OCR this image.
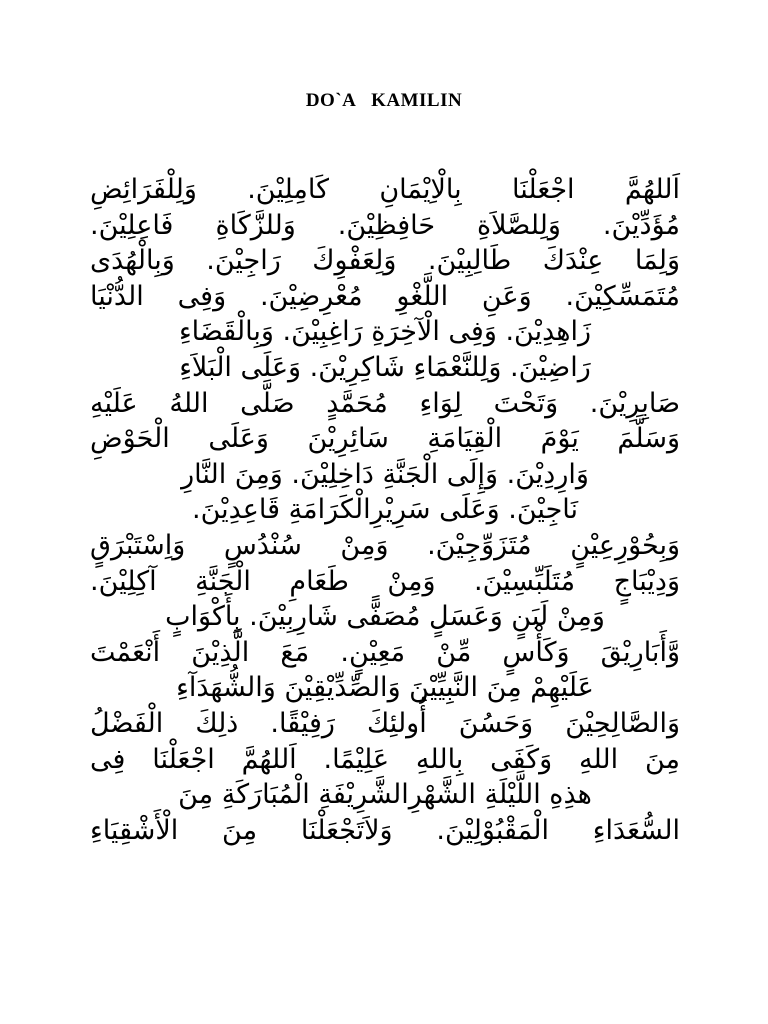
DO`A   KAMILIN
اَللهُمَّ اجْعَلْنَا بِالْاِيْمَانِ كَامِلِيْنَ. وَلِلْفَرَائِضِ
مُؤَدِّيْنَ. وَلِلصَّلاَةِ حَافِظِيْنَ. وَللزَّكَاةِ فَاعِلِيْنَ.
وَلِمَا عِنْدَكَ طَالِبِيْنَ. وَلِعَفْوِكَ رَاجِيْنَ. وَبِالْهُدَى
مُتَمَسِّكِيْنَ. وَعَنِ اللَّغْوِ مُعْرِضِيْنَ. وَفِى الدُّنْيَا
زَاهِدِيْنَ. وَفِى الْآخِرَةِ رَاغِبِيْنَ. وَبِالْقَضَاءِ
رَاضِيْنَ. وَلِلنَّعْمَاءِ شَاكِرِيْنَ. وَعَلَى الْبَلاَءِ
صَابِرِيْنَ. وَتَحْتَ لِوَاءِ مُحَمَّدٍ صَلَّى اللهُ عَلَيْهِ
وَسَلَّمَ يَوْمَ الْقِيَامَةِ سَائِرِيْنَ وَعَلَى الْحَوْضِ
وَارِدِيْنَ. وَإِلَى الْجَنَّةِ دَاخِلِيْنَ. وَمِنَ النَّارِ
نَاجِيْنَ. وَعَلَى سَرِيْرِالْكَرَامَةِ قَاعِدِيْنَ.
وَبِحُوْرِعِيْنٍ مُتَزَوِّجِيْنَ. وَمِنْ سُنْدُسٍ وَاِسْتَبْرَقٍ
وَدِيْبَاجٍ مُتَلَبِّسِيْنَ. وَمِنْ طَعَامِ الْجَنَّةِ آكِلِيْنَ.
وَمِنْ لَبَنٍ وَعَسَلٍ مُصَفًّى شَارِبِيْنَ. بِأَكْوَابٍ
وَّأَبَارِيْقَ وَكَأْسٍ مِّنْ مَعِيْنٍ. مَعَ الَّذِيْنَ أَنْعَمْتَ
عَلَيْهِمْ مِنَ النَّبِيِّيْنَ وَالصِّدِّيْقِيْنَ وَالشُّهَدَآءِ
وَالصَّالِحِيْنَ وَحَسُنَ أُولئِكَ رَفِيْقًا. ذلِكَ الْفَضْلُ
مِنَ اللهِ وَكَفَى بِاللهِ عَلِيْمًا. اَللهُمَّ اجْعَلْنَا فِى
هذِهِ اللَّيْلَةِ الشَّهْرِالشَّرِيْفَةِ الْمُبَارَكَةِ مِنَ
السُّعَدَاءِ الْمَقْبُوْلِيْنَ. وَلاَتَجْعَلْنَا مِنَ الْأَشْقِيَاءِ
